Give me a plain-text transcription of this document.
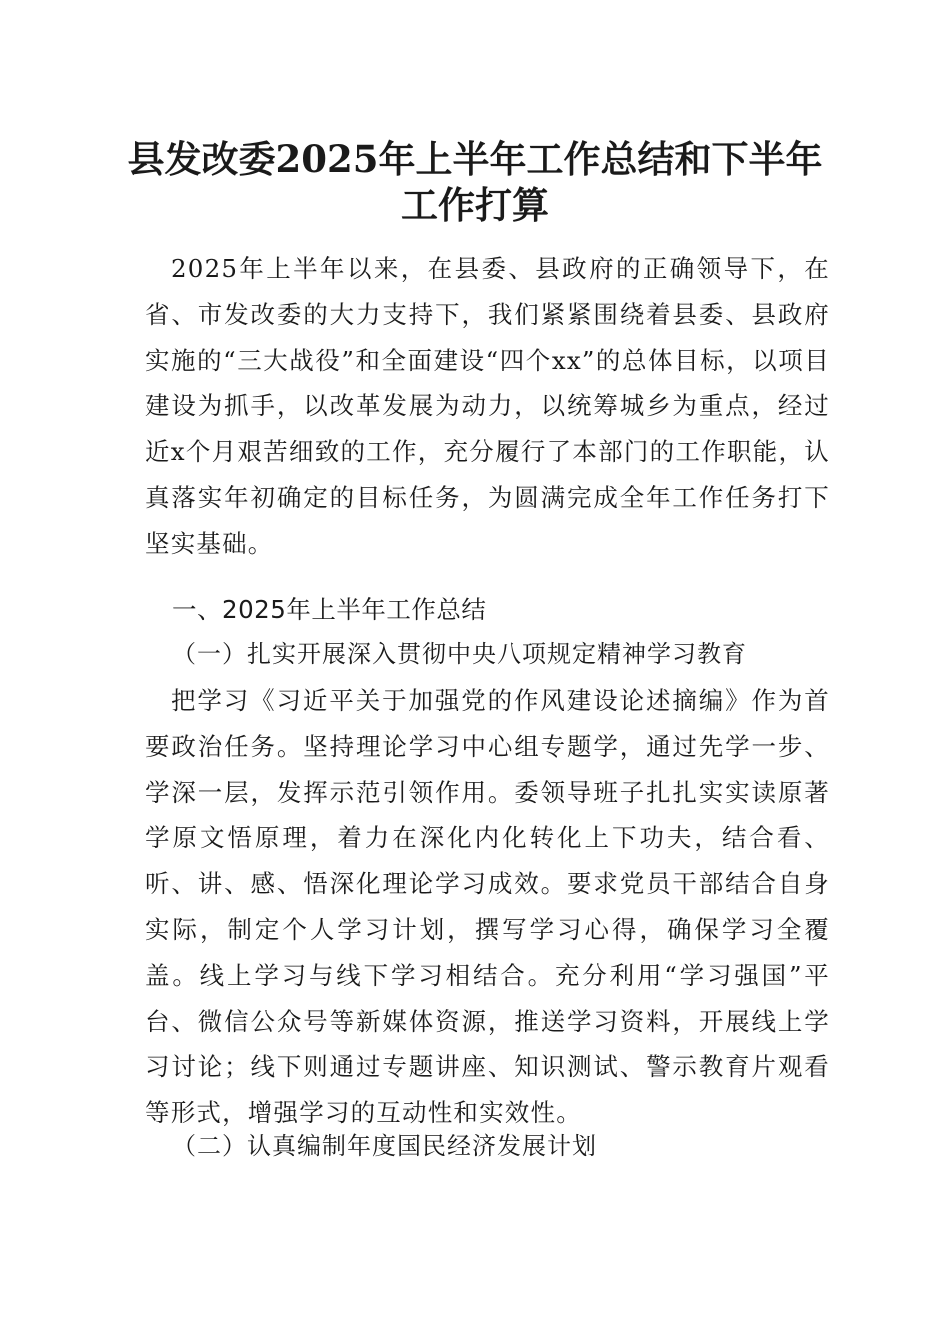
县发改委2025年上半年工作总结和下半年工作打算

2025年上半年以来，在县委、县政府的正确领导下，在省、市发改委的大力支持下，我们紧紧围绕着县委、县政府实施的“三大战役”和全面建设“四个xx”的总体目标，以项目建设为抓手，以改革发展为动力，以统筹城乡为重点，经过近x个月艰苦细致的工作，充分履行了本部门的工作职能，认真落实年初确定的目标任务，为圆满完成全年工作任务打下坚实基础。

一、2025年上半年工作总结

（一）扎实开展深入贯彻中央八项规定精神学习教育

把学习《习近平关于加强党的作风建设论述摘编》作为首要政治任务。坚持理论学习中心组专题学，通过先学一步、学深一层，发挥示范引领作用。委领导班子扎扎实实读原著学原文悟原理，着力在深化内化转化上下功夫，结合看、听、讲、感、悟深化理论学习成效。要求党员干部结合自身实际，制定个人学习计划，撰写学习心得，确保学习全覆盖。线上学习与线下学习相结合。充分利用“学习强国”平台、微信公众号等新媒体资源，推送学习资料，开展线上学习讨论；线下则通过专题讲座、知识测试、警示教育片观看等形式，增强学习的互动性和实效性。

（二）认真编制年度国民经济发展计划
